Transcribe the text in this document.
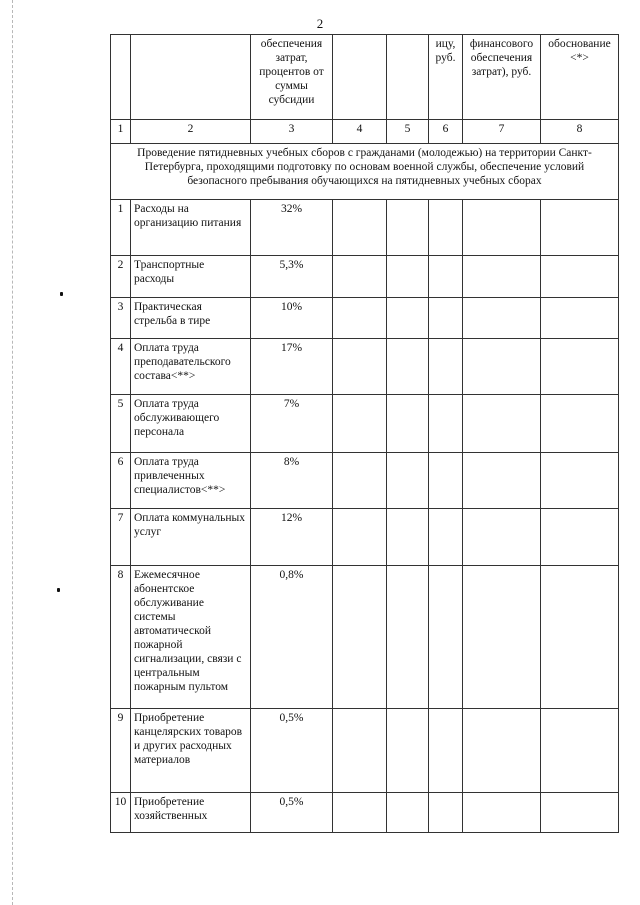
2
		обеспечения затрат, процентов от суммы субсидии			ицу, руб.	финансового обеспечения затрат), руб.	обоснование <*>
1	2	3	4	5	6	7	8
Проведение пятидневных учебных сборов с гражданами (молодежью) на территории Санкт-Петербурга, проходящими подготовку по основам военной службы, обеспечение условий безопасного пребывания обучающихся на пятидневных учебных сборах							
1	Расходы на организацию питания	32%					
2	Транспортные расходы	5,3%					
3	Практическая стрельба в тире	10%					
4	Оплата труда преподавательского состава<**>	17%					
5	Оплата труда обслуживающего персонала	7%					
6	Оплата труда привлеченных специалистов<**>	8%					
7	Оплата коммунальных услуг	12%					
8	Ежемесячное абонентское обслуживание системы автоматической пожарной сигнализации, связи с центральным пожарным пультом	0,8%					
9	Приобретение канцелярских товаров и других расходных материалов	0,5%					
10	Приобретение хозяйственных	0,5%					
